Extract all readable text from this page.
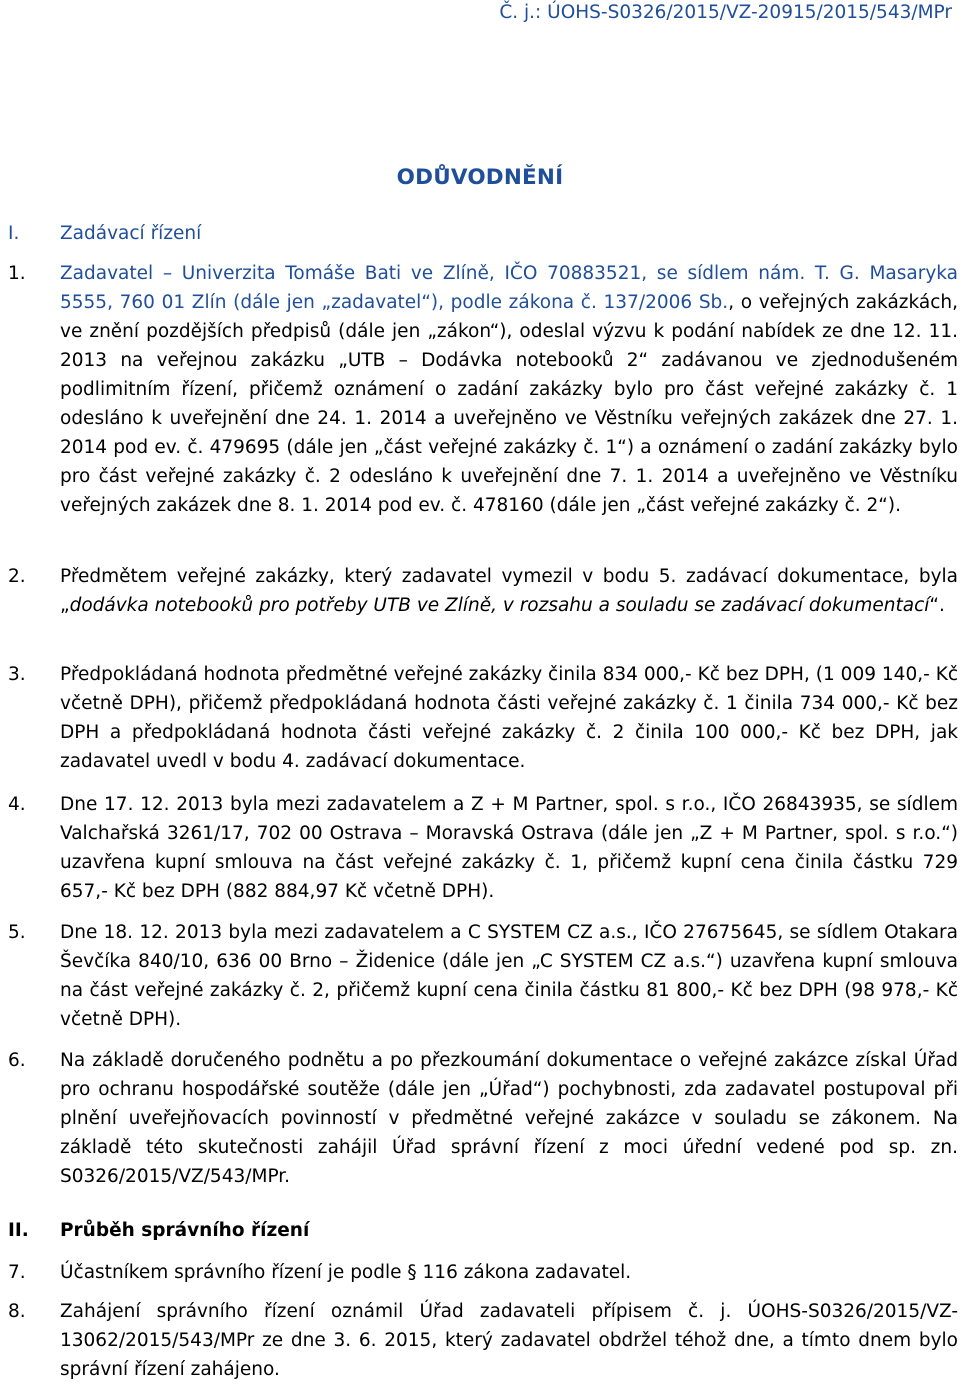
Č. j.: ÚOHS-S0326/2015/VZ-20915/2015/543/MPr
ODŮVODNĚNÍ
I.	Zadávací řízení
1.	Zadavatel – Univerzita Tomáše Bati ve Zlíně, IČO 70883521, se sídlem nám. T. G. Masaryka 5555, 760 01 Zlín (dále jen „zadavatel“), podle zákona č. 137/2006 Sb., o veřejných zakázkách, ve znění pozdějších předpisů (dále jen „zákon“), odeslal výzvu k podání nabídek ze dne 12. 11. 2013 na veřejnou zakázku „UTB – Dodávka notebooků 2“ zadávanou ve zjednodušeném podlimitním řízení, přičemž oznámení o zadání zakázky bylo pro část veřejné zakázky č. 1 odesláno k uveřejnění dne 24. 1. 2014 a uveřejněno ve Věstníku veřejných zakázek dne 27. 1. 2014 pod ev. č. 479695 (dále jen „část veřejné zakázky č. 1“) a oznámení o zadání zakázky bylo pro část veřejné zakázky č. 2 odesláno k uveřejnění dne 7. 1. 2014 a uveřejněno ve Věstníku veřejných zakázek dne 8. 1. 2014 pod ev. č. 478160 (dále jen „část veřejné zakázky č. 2“).
2.	Předmětem veřejné zakázky, který zadavatel vymezil v bodu 5. zadávací dokumentace, byla „dodávka notebooků pro potřeby UTB ve Zlíně, v rozsahu a souladu se zadávací dokumentací“.
3.	Předpokládaná hodnota předmětné veřejné zakázky činila 834 000,- Kč bez DPH, (1 009 140,- Kč včetně DPH), přičemž předpokládaná hodnota části veřejné zakázky č. 1 činila 734 000,- Kč bez DPH a předpokládaná hodnota části veřejné zakázky č. 2 činila 100 000,- Kč bez DPH, jak zadavatel uvedl v bodu 4. zadávací dokumentace.
4.	Dne 17. 12. 2013 byla mezi zadavatelem a Z + M Partner, spol. s r.o., IČO 26843935, se sídlem Valchařská 3261/17, 702 00 Ostrava – Moravská Ostrava (dále jen „Z + M Partner, spol. s r.o.“) uzavřena kupní smlouva na část veřejné zakázky č. 1, přičemž kupní cena činila částku 729 657,- Kč bez DPH (882 884,97 Kč včetně DPH).
5.	Dne 18. 12. 2013 byla mezi zadavatelem a C SYSTEM CZ a.s., IČO 27675645, se sídlem Otakara Ševčíka 840/10, 636 00 Brno – Židenice (dále jen „C SYSTEM CZ a.s.“) uzavřena kupní smlouva na část veřejné zakázky č. 2, přičemž kupní cena činila částku 81 800,- Kč bez DPH (98 978,- Kč včetně DPH).
6.	Na základě doručeného podnětu a po přezkoumání dokumentace o veřejné zakázce získal Úřad pro ochranu hospodářské soutěže (dále jen „Úřad“) pochybnosti, zda zadavatel postupoval při plnění uveřejňovacích povinností v předmětné veřejné zakázce v souladu se zákonem. Na základě této skutečnosti zahájil Úřad správní řízení z moci úřední vedené pod sp. zn. S0326/2015/VZ/543/MPr.
II.	Průběh správního řízení
7.	Účastníkem správního řízení je podle § 116 zákona zadavatel.
8.	Zahájení správního řízení oznámil Úřad zadavateli přípisem č. j. ÚOHS-S0326/2015/VZ-13062/2015/543/MPr ze dne 3. 6. 2015, který zadavatel obdržel téhož dne, a tímto dnem bylo správní řízení zahájeno.
